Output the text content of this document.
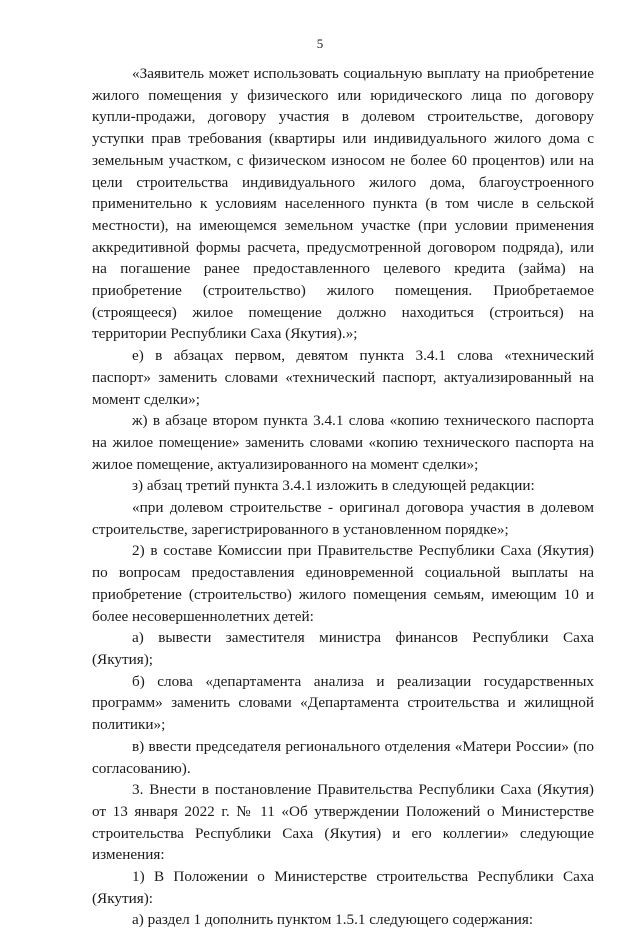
5

«Заявитель может использовать социальную выплату на приобретение жилого помещения у физического или юридического лица по договору купли-продажи, договору участия в долевом строительстве, договору уступки прав требования (квартиры или индивидуального жилого дома с земельным участком, с физическом износом не более 60 процентов) или на цели строительства индивидуального жилого дома, благоустроенного применительно к условиям населенного пункта (в том числе в сельской местности), на имеющемся земельном участке (при условии применения аккредитивной формы расчета, предусмотренной договором подряда), или на погашение ранее предоставленного целевого кредита (займа) на приобретение (строительство) жилого помещения. Приобретаемое (строящееся) жилое помещение должно находиться (строиться) на территории Республики Саха (Якутия).»;

е) в абзацах первом, девятом пункта 3.4.1 слова «технический паспорт» заменить словами «технический паспорт, актуализированный на момент сделки»;

ж) в абзаце втором пункта 3.4.1 слова «копию технического паспорта на жилое помещение» заменить словами «копию технического паспорта на жилое помещение, актуализированного на момент сделки»;

з) абзац третий пункта 3.4.1 изложить в следующей редакции:

«при долевом строительстве - оригинал договора участия в долевом строительстве, зарегистрированного в установленном порядке»;

2) в составе Комиссии при Правительстве Республики Саха (Якутия) по вопросам предоставления единовременной социальной выплаты на приобретение (строительство) жилого помещения семьям, имеющим 10 и более несовершеннолетних детей:

а) вывести заместителя министра финансов Республики Саха (Якутия);

б) слова «департамента анализа и реализации государственных программ» заменить словами «Департамента строительства и жилищной политики»;

в) ввести председателя регионального отделения «Матери России» (по согласованию).

3. Внести в постановление Правительства Республики Саха (Якутия) от 13 января 2022 г. № 11 «Об утверждении Положений о Министерстве строительства Республики Саха (Якутия) и его коллегии» следующие изменения:

1) В Положении о Министерстве строительства Республики Саха (Якутия):

а) раздел 1 дополнить пунктом 1.5.1 следующего содержания:
